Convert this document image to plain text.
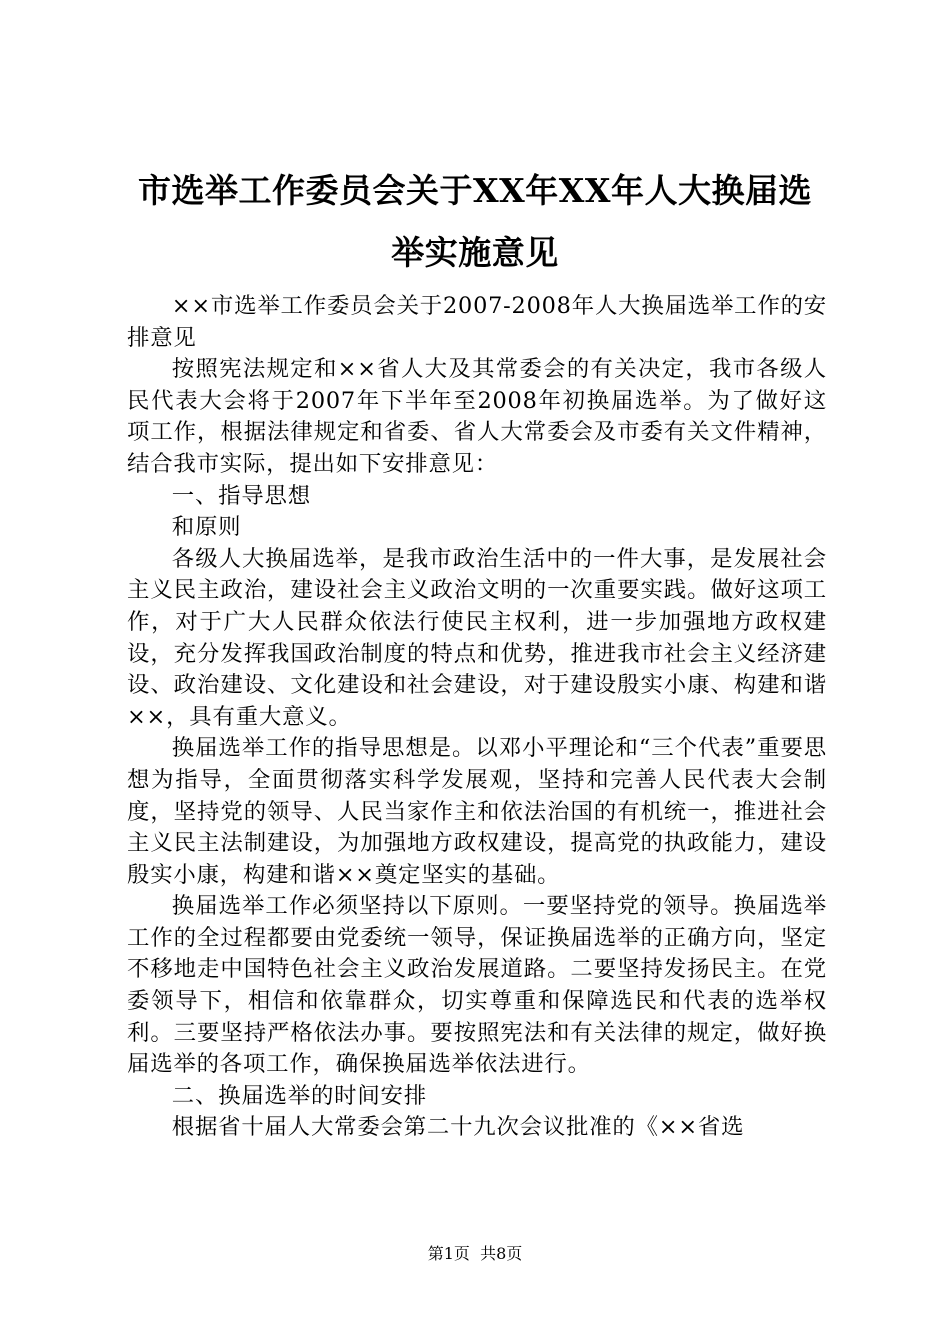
市选举工作委员会关于XX年XX年人大换届选
举实施意见

××市选举工作委员会关于2007-2008年人大换届选举工作的安排意见

按照宪法规定和××省人大及其常委会的有关决定，我市各级人民代表大会将于2007年下半年至2008年初换届选举。为了做好这项工作，根据法律规定和省委、省人大常委会及市委有关文件精神，结合我市实际，提出如下安排意见：

一、指导思想

和原则

各级人大换届选举，是我市政治生活中的一件大事，是发展社会主义民主政治，建设社会主义政治文明的一次重要实践。做好这项工作，对于广大人民群众依法行使民主权利，进一步加强地方政权建设，充分发挥我国政治制度的特点和优势，推进我市社会主义经济建设、政治建设、文化建设和社会建设，对于建设殷实小康、构建和谐××，具有重大意义。

换届选举工作的指导思想是。以邓小平理论和“三个代表”重要思想为指导，全面贯彻落实科学发展观，坚持和完善人民代表大会制度，坚持党的领导、人民当家作主和依法治国的有机统一，推进社会主义民主法制建设，为加强地方政权建设，提高党的执政能力，建设殷实小康，构建和谐××奠定坚实的基础。

换届选举工作必须坚持以下原则。一要坚持党的领导。换届选举工作的全过程都要由党委统一领导，保证换届选举的正确方向，坚定不移地走中国特色社会主义政治发展道路。二要坚持发扬民主。在党委领导下，相信和依靠群众，切实尊重和保障选民和代表的选举权利。三要坚持严格依法办事。要按照宪法和有关法律的规定，做好换届选举的各项工作，确保换届选举依法进行。

二、换届选举的时间安排

根据省十届人大常委会第二十九次会议批准的《××省选

第1页  共8页
